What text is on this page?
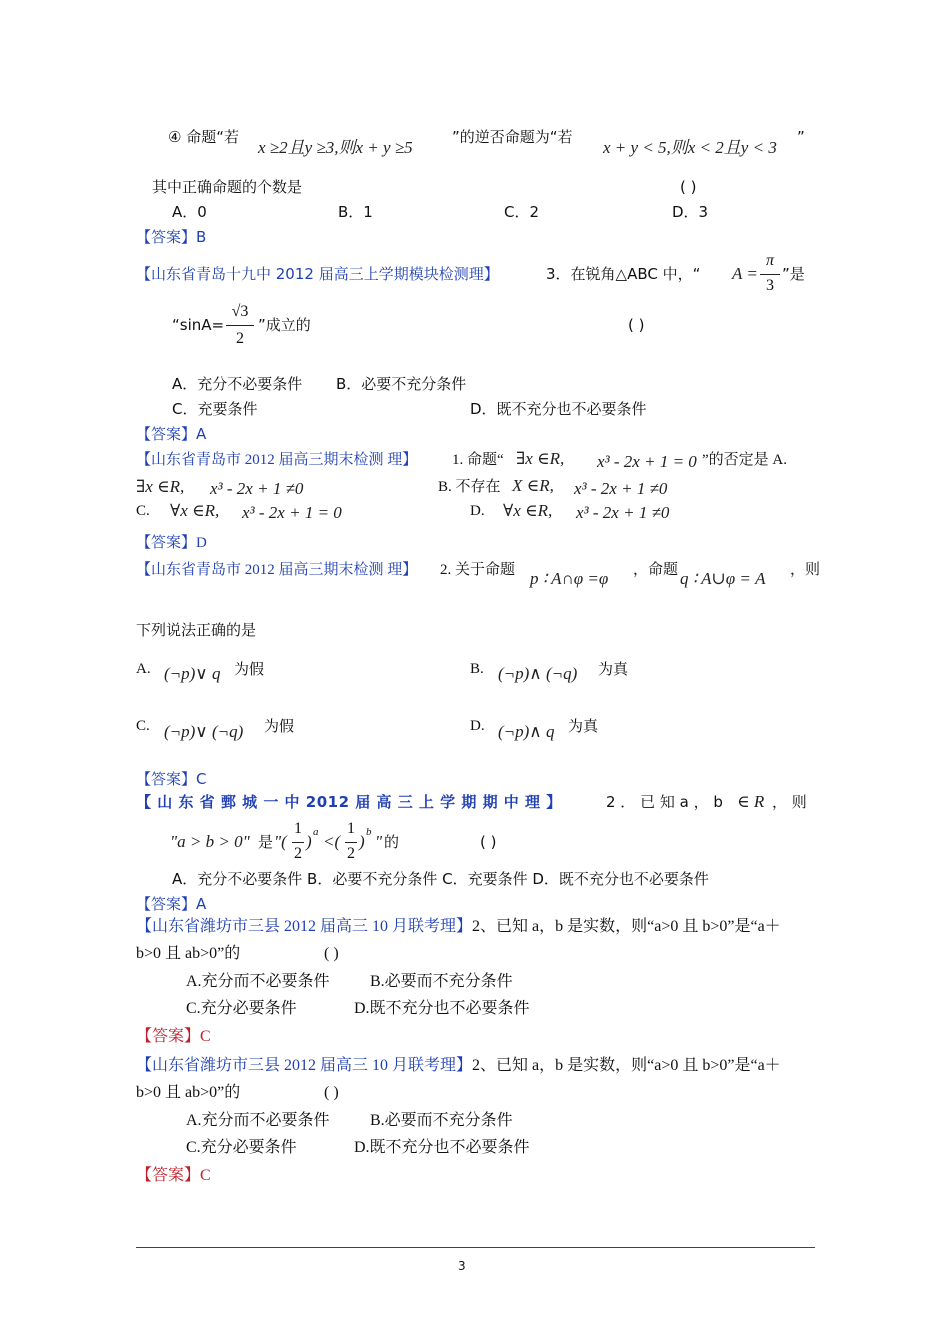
④ 命题“若
x ≥2且y ≥3,则x + y ≥5
”的逆否命题为“若
x + y < 5,则x < 2且y < 3
”
其中正确命题的个数是	( )
A．0	B．1	C．2	D．3
【答案】B
【山东省青岛十九中 2012 届高三上学期模块检测理】	3．在锐角△ABC 中，“ A =
π
3
”是
“sinA=
√3
2
”成立的	( )
A．充分不必要条件 B．必要不充分条件
C．充要条件	D．既不充分也不必要条件
【答案】A
【山东省青岛市 2012 届高三期末检测 理】 1. 命题“ ∃x ∈R, x³ - 2x + 1 = 0 ”的否定是 A.
∃x ∈R, x³ - 2x + 1 ≠0	B. 不存在 X ∈R, x³ - 2x + 1 ≠0
C. ∀x ∈R, x³ - 2x + 1 = 0	D. ∀x ∈R, x³ - 2x + 1 ≠0
【答案】D
【山东省青岛市 2012 届高三期末检测 理】 2. 关于命题 p ∶ A∩φ =φ ，命题 q ∶ A∪φ = A ，则
下列说法正确的是
A. (¬p)∨ q 为假	B. (¬p)∧ (¬q) 为真
C. (¬p)∨ (¬q) 为假	D. (¬p)∧ q 为真
【答案】C
【 山 东 省 鄄 城 一 中 2012 届 高 三 上 学 期 期 中 理 】	2 ． 已 知 a ， b ∈ R ， 则
"a > b > 0" 是 "(
1
2
) a <(
1
2
) b " 的	( )
A．充分不必要条件 B．必要不充分条件 C．充要条件 D．既不充分也不必要条件
【答案】A
【山东省潍坊市三县 2012 届高三 10 月联考理】2、已知 a，b 是实数，则“a>0 且 b>0”是“a＋
b>0 且 ab>0”的	( )
A.充分而不必要条件	B.必要而不充分条件
C.充分必要条件	D.既不充分也不必要条件
【答案】C
【山东省潍坊市三县 2012 届高三 10 月联考理】2、已知 a，b 是实数，则“a>0 且 b>0”是“a＋
b>0 且 ab>0”的	( )
A.充分而不必要条件	B.必要而不充分条件
C.充分必要条件	D.既不充分也不必要条件
【答案】C
3
